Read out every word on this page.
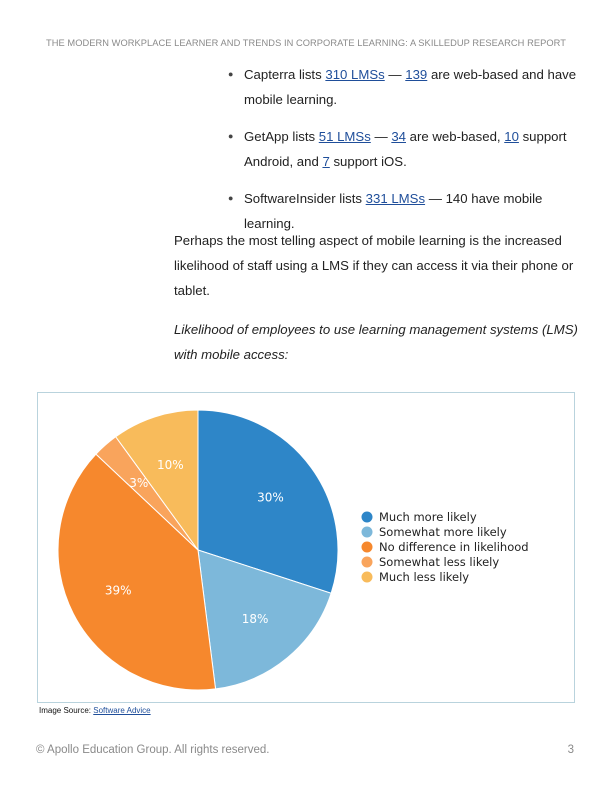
THE MODERN WORKPLACE LEARNER AND TRENDS IN CORPORATE LEARNING: A SKILLEDUP RESEARCH REPORT
● Capterra lists 310 LMSs — 139 are web-based and have mobile learning.
● GetApp lists 51 LMSs — 34 are web-based, 10 support Android, and 7 support iOS.
● SoftwareInsider lists 331 LMSs — 140 have mobile learning.

Perhaps the most telling aspect of mobile learning is the increased likelihood of staff using a LMS if they can access it via their phone or tablet.

Likelihood of employees to use learning management systems (LMS) with mobile access:

30%
18%
39%
3%
10%
Much more likely
Somewhat more likely
No difference in likelihood
Somewhat less likely
Much less likely
Image Source: Software Advice
© Apollo Education Group. All rights reserved.	3
